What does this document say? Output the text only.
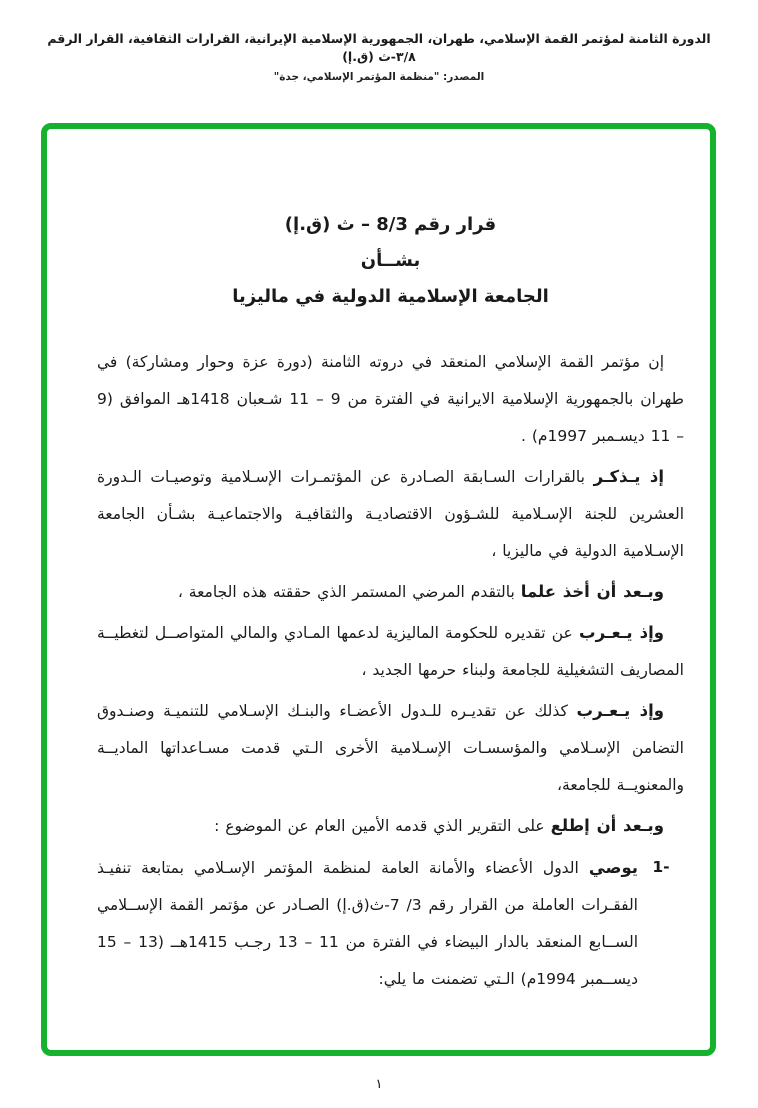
الدورة الثامنة لمؤتمر القمة الإسلامي، طهران، الجمهورية الإسلامية الإيرانية، القرارات الثقافية، القرار الرقم ٣/٨-ث (ق.إ)
المصدر: "منظمة المؤتمر الإسلامي، جدة"
قرار رقم 8/3 – ث (ق.إ)
بشــأن
الجامعة الإسلامية الدولية في ماليزيا

إن مؤتمر القمة الإسلامي المنعقد في دروته الثامنة (دورة عزة وحوار ومشاركة) في طهران بالجمهورية الإسلامية الايرانية في الفترة من 9 – 11 شـعبان 1418هـ الموافق (9 – 11 ديسـمبر 1997م) .

إذ يـذكـر بالقرارات السـابقة الصـادرة عن المؤتمـرات الإسـلامية وتوصيـات الـدورة العشرين للجنة الإسـلامية للشـؤون الاقتصاديـة والثقافيـة والاجتماعيـة بشـأن الجامعة الإسـلامية الدولية في ماليزيا ،

وبـعد أن أخذ علما بالتقدم المرضي المستمر الذي حققته هذه الجامعة ،

وإذ يـعـرب عن تقديره للحكومة الماليزية لدعمها المـادي والمالي المتواصــل لتغطيــة المصاريف التشغيلية للجامعة ولبناء حرمها الجديد ،

وإذ يـعـرب كذلك عن تقديـره للـدول الأعضـاء والبنـك الإسـلامي للتنميـة وصنـدوق التضامن الإسـلامي والمؤسسـات الإسـلامية الأخرى الـتي قدمت مسـاعداتها الماديــة والمعنويــة للجامعة،

وبـعد أن إطلع على التقرير الذي قدمه الأمين العام عن الموضوع :

1-

يوصي الدول الأعضاء والأمانة العامة لمنظمة المؤتمر الإسـلامي بمتابعة تنفيـذ الفقـرات العاملة من القرار رقم 3/ 7-ث(ق.إ) الصـادر عن مؤتمر القمة الإســلامي الســابع المنعقد بالدار البيضاء في الفترة من 11 – 13 رجـب 1415هــ (13 – 15 ديســمبر 1994م) الـتي تضمنت ما يلي:

١
